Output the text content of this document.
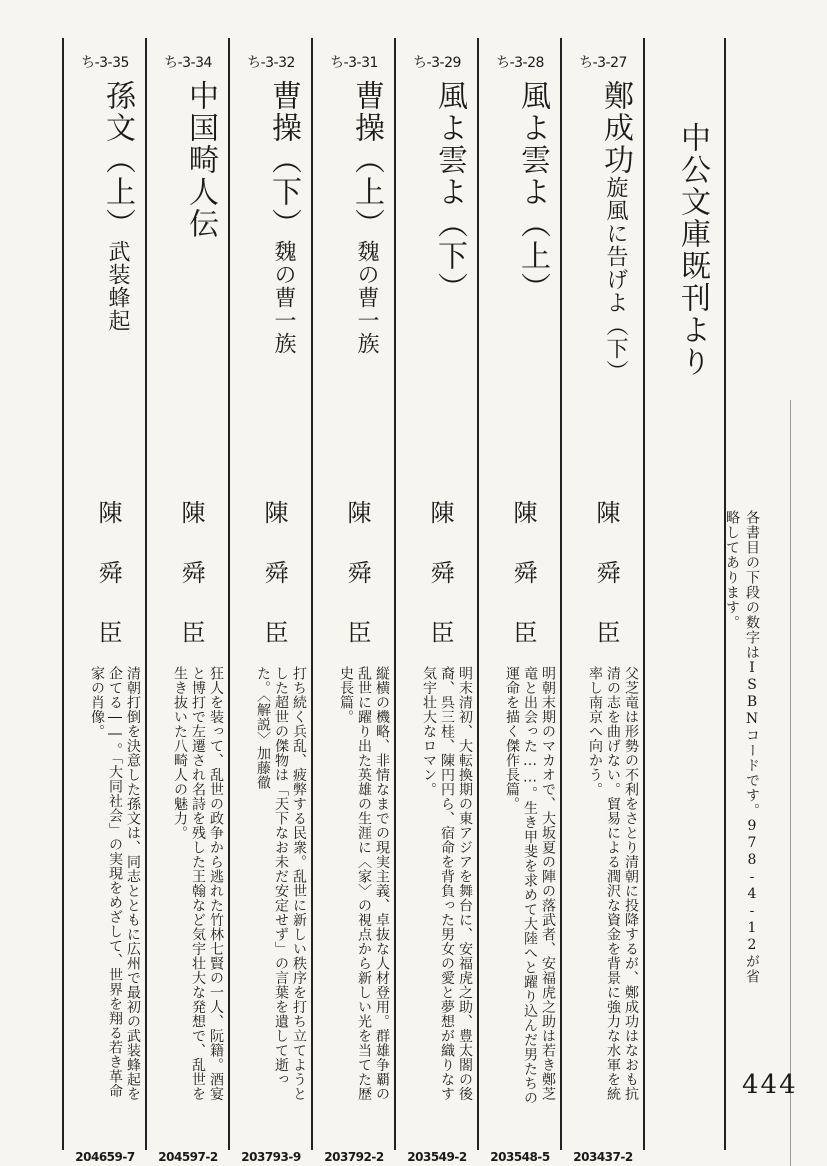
ち-3-27
鄭成功旋風に告げよ（下）
陳舜臣
父芝竜は形勢の不利をさとり清朝に投降するが、鄭成功はなおも抗清の志を曲げない。貿易による潤沢な資金を背景に強力な水軍を統率し南京へ向かう。
203437-2
ち-3-28
風よ雲よ（上）
陳舜臣
明朝末期のマカオで、大坂夏の陣の落武者、安福虎之助は若き鄭芝竜と出会った……。生き甲斐を求めて大陸へと躍り込んだ男たちの運命を描く傑作長篇。
203548-5
ち-3-29
風よ雲よ（下）
陳舜臣
明末清初、大転換期の東アジアを舞台に、安福虎之助、豊太閤の後裔、呉三桂、陳円円ら、宿命を背負った男女の愛と夢想が織りなす気宇壮大なロマン。
203549-2
ち-3-31
曹操（上）魏の曹一族
陳舜臣
縦横の機略、非情なまでの現実主義、卓抜な人材登用。群雄争覇の乱世に躍り出た英雄の生涯に〈家〉の視点から新しい光を当てた歴史長篇。
203792-2
ち-3-32
曹操（下）魏の曹一族
陳舜臣
打ち続く兵乱、疲弊する民衆。乱世に新しい秩序を打ち立てようとした超世の傑物は「天下なお未だ安定せず」の言葉を遺して逝った。〈解説〉加藤徹
203793-9
ち-3-34
中国畸人伝
陳舜臣
狂人を装って、乱世の政争から逃れた竹林七賢の一人、阮籍。酒宴と博打で左遷され名詩を残した王翰など気宇壮大な発想で、乱世を生き抜いた八畸人の魅力。
204597-2
ち-3-35
孫文（上）武装蜂起
陳舜臣
清朝打倒を決意した孫文は、同志とともに広州で最初の武装蜂起を企てる――。「大同社会」の実現をめざして、世界を翔る若き革命家の肖像。
204659-7
中公文庫既刊より
各書目の下段の数字はISBNコードです。978-4-12が省略してあります。
444
